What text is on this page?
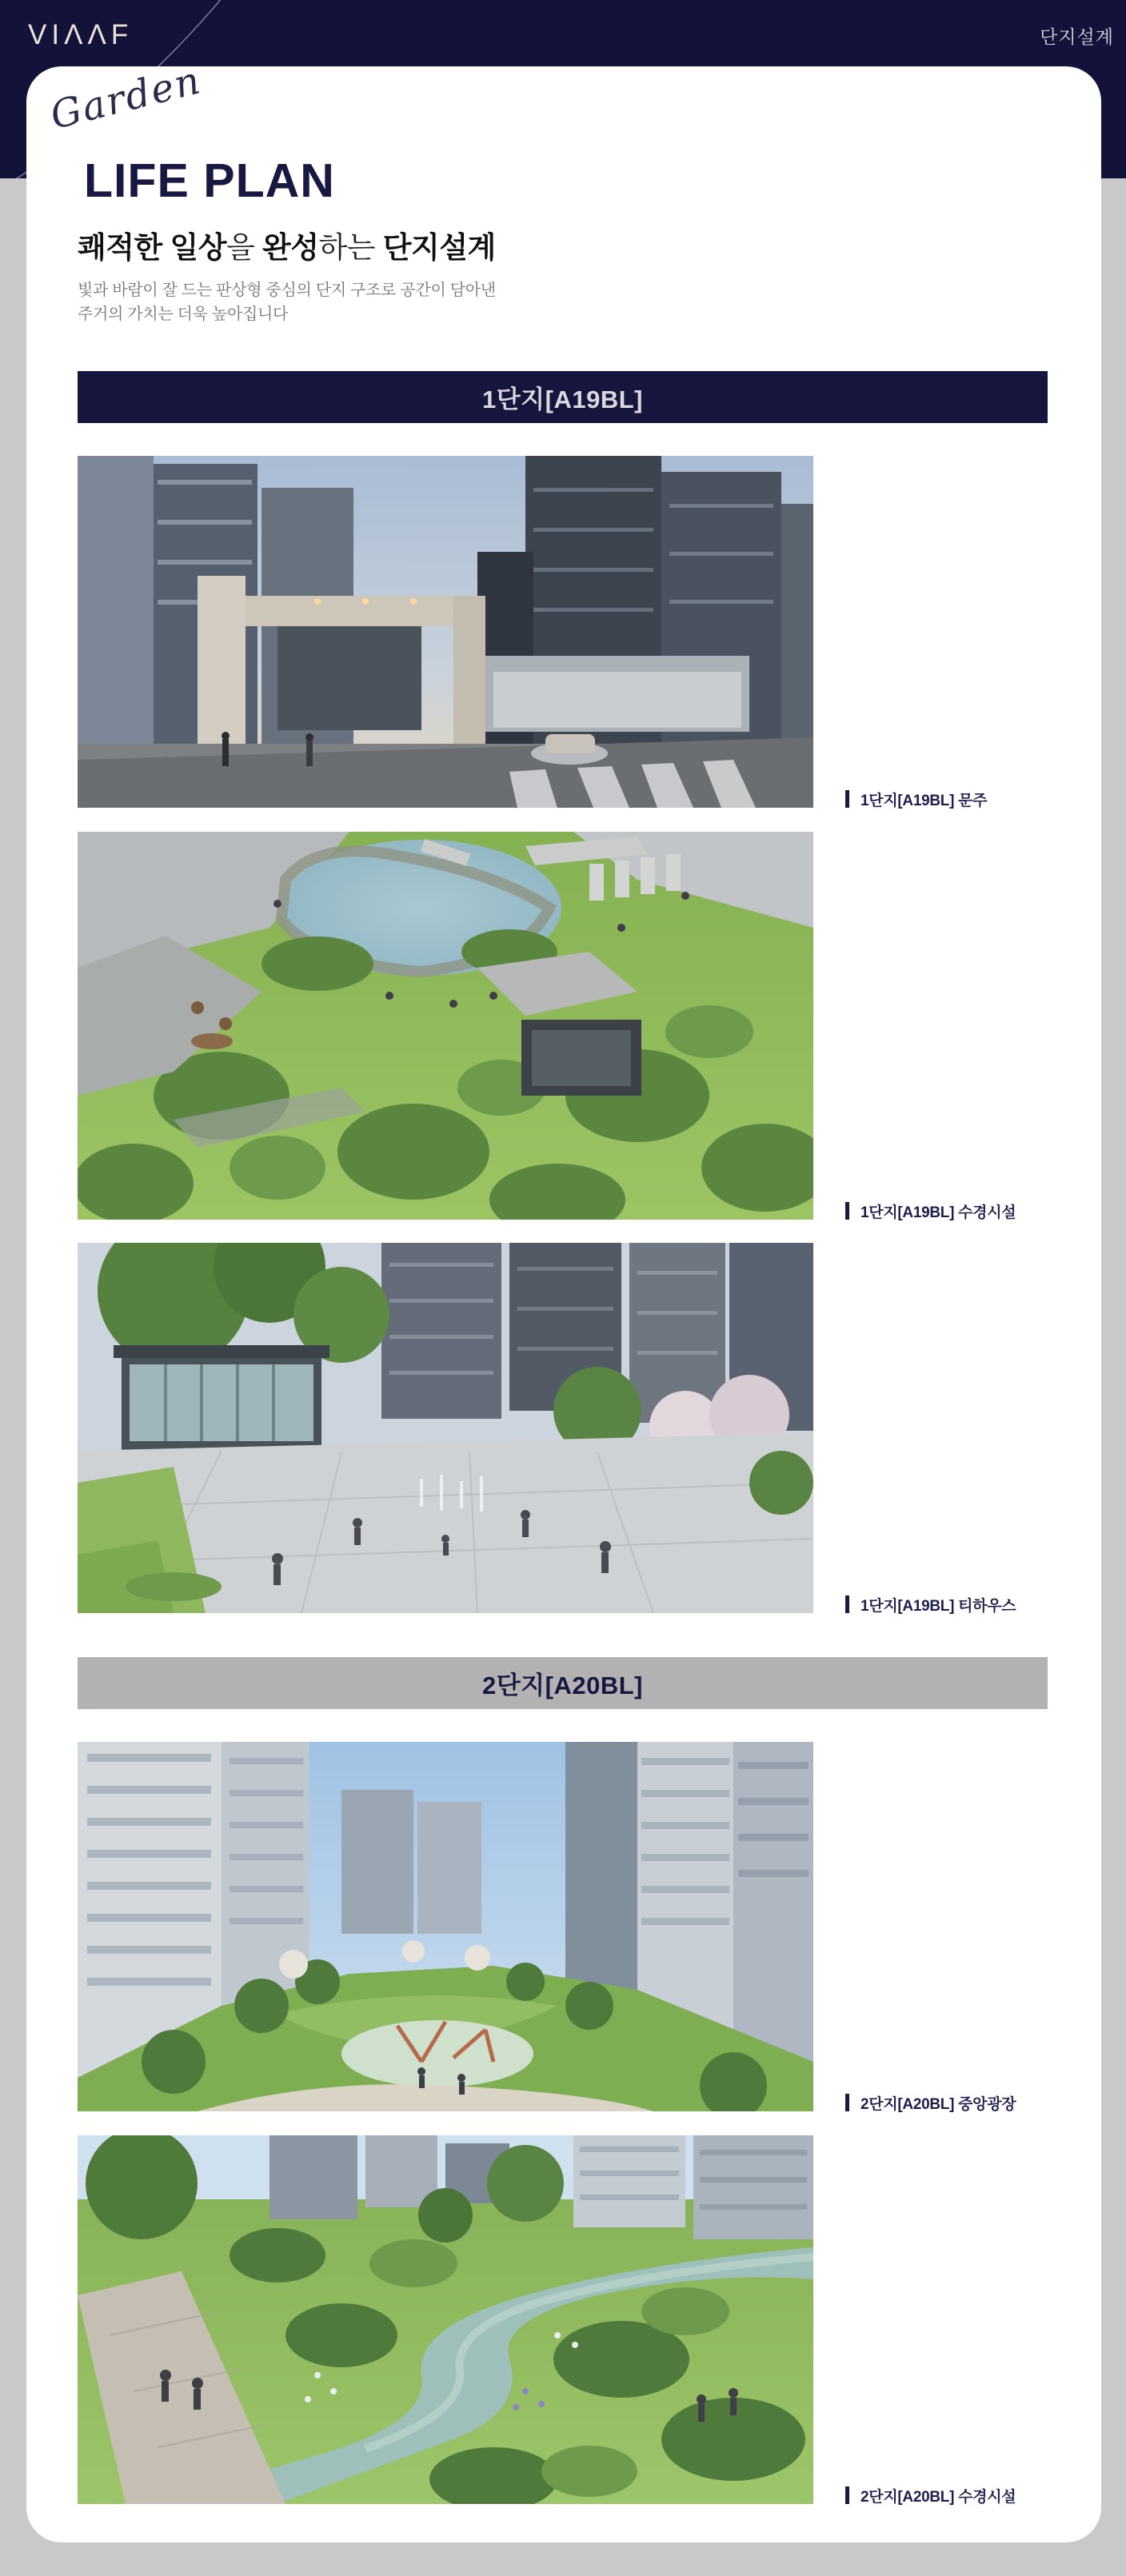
VIΛΛF	단지설계
Garden
LIFE PLAN
쾌적한 일상을 완성하는 단지설계
빛과 바람이 잘 드는 판상형 중심의 단지 구조로 공간이 담아낸
주거의 가치는 더욱 높아집니다
1단지[A19BL]
1단지[A19BL] 문주
1단지[A19BL] 수경시설
1단지[A19BL] 티하우스
2단지[A20BL]
2단지[A20BL] 중앙광장
2단지[A20BL] 수경시설
